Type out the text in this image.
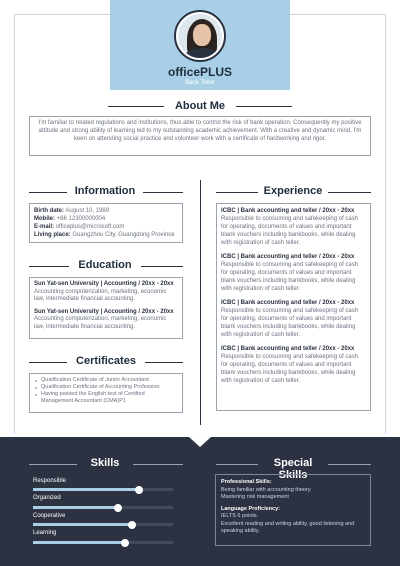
officePLUS
Bank Teller
About Me
I'm familiar to related regulations and institutions, thus able to control the risk of bank operation. Consequently my positive attitude and strong ability of learning led to my outstanding academic achievement. With a creative and dynamic mind, I'm keen on attending social practice and volunteer work with a certificate of hardworking and rigor.
Information
Birth date: August 10, 1989
Mobile: +86 12300000004
E-mail: officeplus@microsoft.com
Living place: Guangzhou City, Guangdong Province
Education
Sun Yat-sen University | Accounting / 20xx - 20xx
Accounting computerization, marketing, economic law, intermediate financial accounting.
Sun Yat-sen University | Accounting / 20xx - 20xx
Accounting computerization, marketing, economic law, intermediate financial accounting.
Certificates
Qualification Certificate of Junior Accountant
Qualification Certificate of Accounting Profession
Having passed the English test of Certified Management Accountant (CMA)P1
Experience
ICBC | Bank accounting and teller / 20xx - 20xx
Responsible to consuming and safekeeping of cash for operating, documents of values and important blank vouchers including bankbooks, while dealing with registration of cash teller.
ICBC | Bank accounting and teller / 20xx - 20xx
Responsible to consuming and safekeeping of cash for operating, documents of values and important blank vouchers including bankbooks, while dealing with registration of cash teller.
ICBC | Bank accounting and teller / 20xx - 20xx
Responsible to consuming and safekeeping of cash for operating, documents of values and important blank vouchers including bankbooks, while dealing with registration of cash teller.
ICBC | Bank accounting and teller / 20xx - 20xx
Responsible to consuming and safekeeping of cash for operating, documents of values and important blank vouchers including bankbooks, while dealing with registration of cash teller.
Skills
Responsible
Organized
Cooperative
Learning
Special Skills
Professional Skills:
Being familiar with accounting theory
Mastering risk management
Language Proficiency:
IELTS 6 points.
Excellent reading and writing ability, good listening and speaking ability.
